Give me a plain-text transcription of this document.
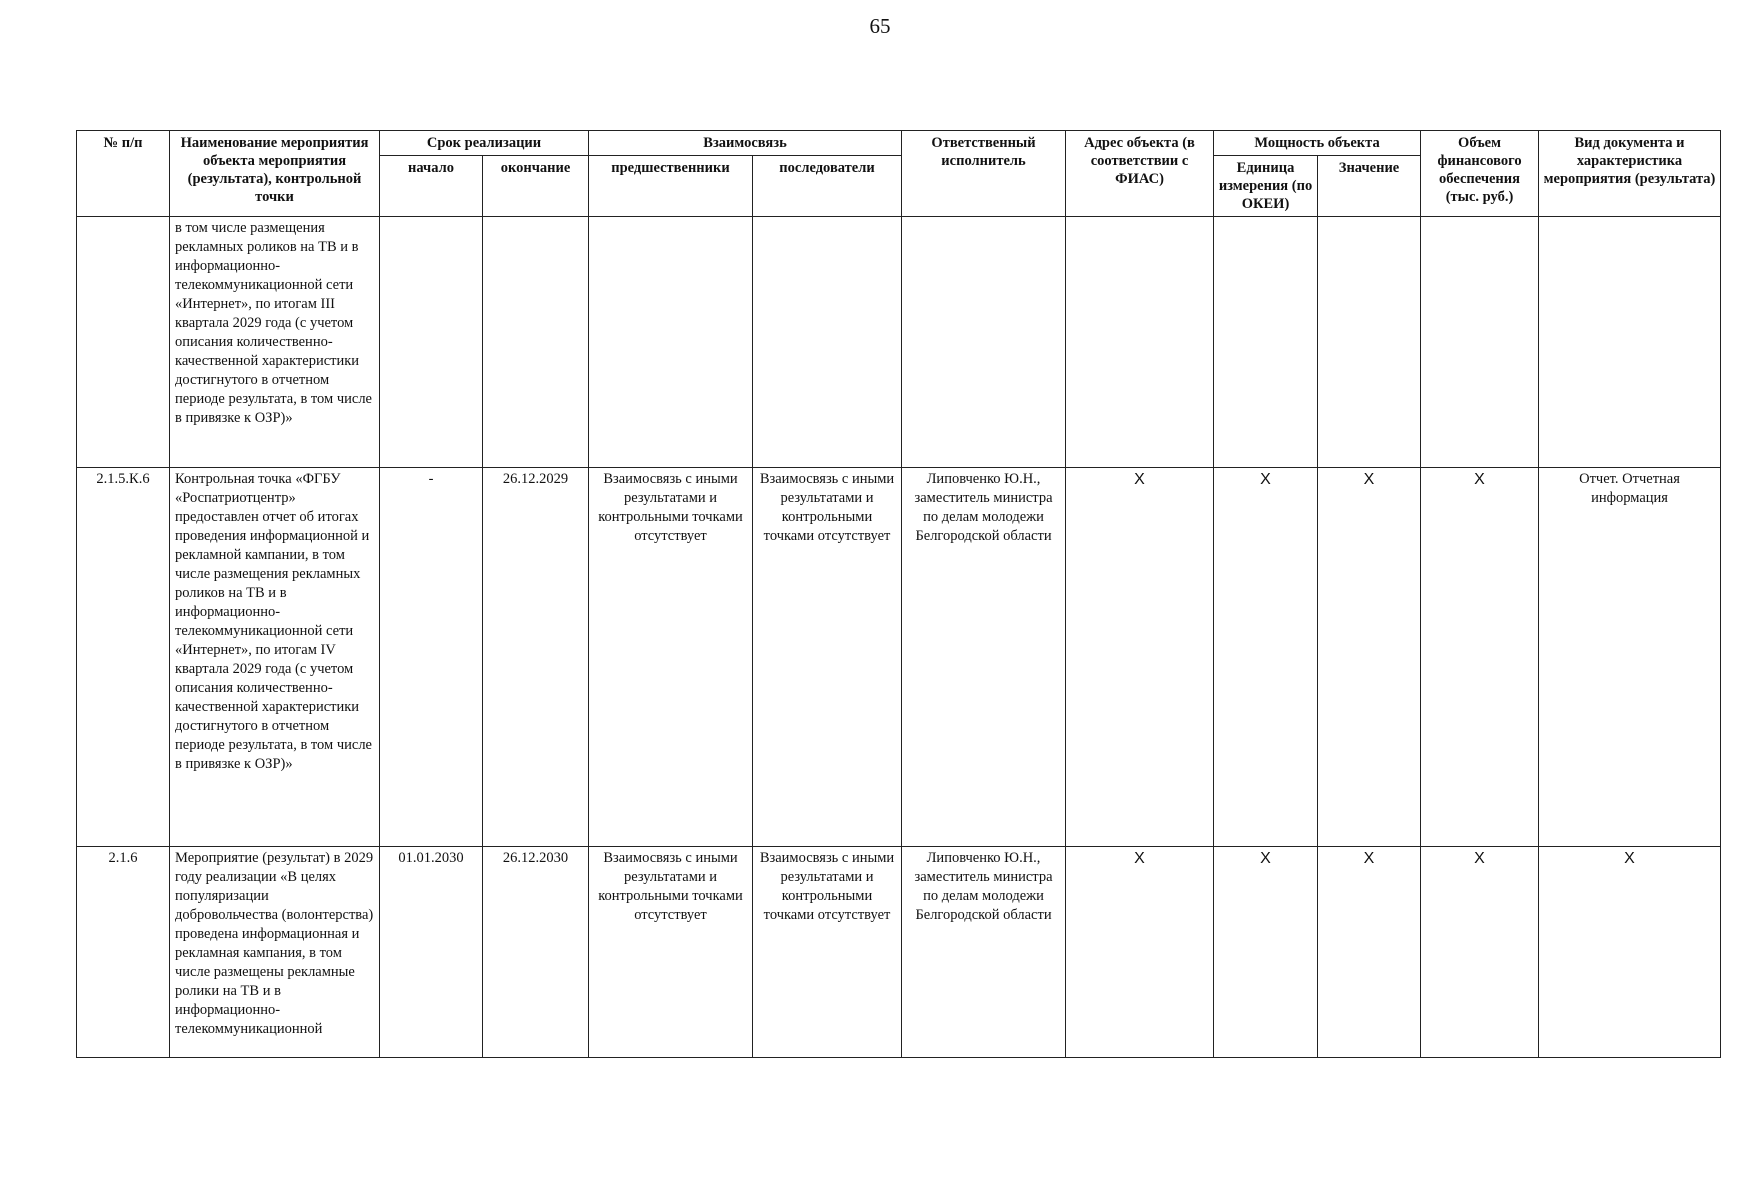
65
№ п/п	Наименование мероприятия объекта мероприятия (результата), контрольной точки	Срок реализации		Взаимосвязь		Ответственный исполнитель	Адрес объекта (в соответствии с ФИАС)	Мощность объекта		Объем финансового обеспечения (тыс. руб.)	Вид документа и характеристика мероприятия (результата)
		начало	окончание	предшественники	последователи			Единица измерения (по ОКЕИ)	Значение		
	в том числе размещения рекламных роликов на ТВ и в информационно-телекоммуникационной сети «Интернет», по итогам III квартала 2029 года (с учетом описания количественно-качественной характеристики достигнутого в отчетном периоде результата, в том числе в привязке к ОЗР)»										
2.1.5.К.6	Контрольная точка «ФГБУ «Роспатриотцентр» предоставлен отчет об итогах проведения информационной и рекламной кампании, в том числе размещения рекламных роликов на ТВ и в информационно-телекоммуникационной сети «Интернет», по итогам IV квартала 2029 года (с учетом описания количественно-качественной характеристики достигнутого в отчетном периоде результата, в том числе в привязке к ОЗР)»	-	26.12.2029	Взаимосвязь с иными результатами и контрольными точками отсутствует	Взаимосвязь с иными результатами и контрольными точками отсутствует	Липовченко Ю.Н., заместитель министра по делам молодежи Белгородской области	X	X	X	X	Отчет. Отчетная информация
2.1.6	Мероприятие (результат) в 2029 году реализации «В целях популяризации добровольчества (волонтерства) проведена информационная и рекламная кампания, в том числе размещены рекламные ролики на ТВ и в информационно-телекоммуникационной	01.01.2030	26.12.2030	Взаимосвязь с иными результатами и контрольными точками отсутствует	Взаимосвязь с иными результатами и контрольными точками отсутствует	Липовченко Ю.Н., заместитель министра по делам молодежи Белгородской области	X	X	X	X	X
